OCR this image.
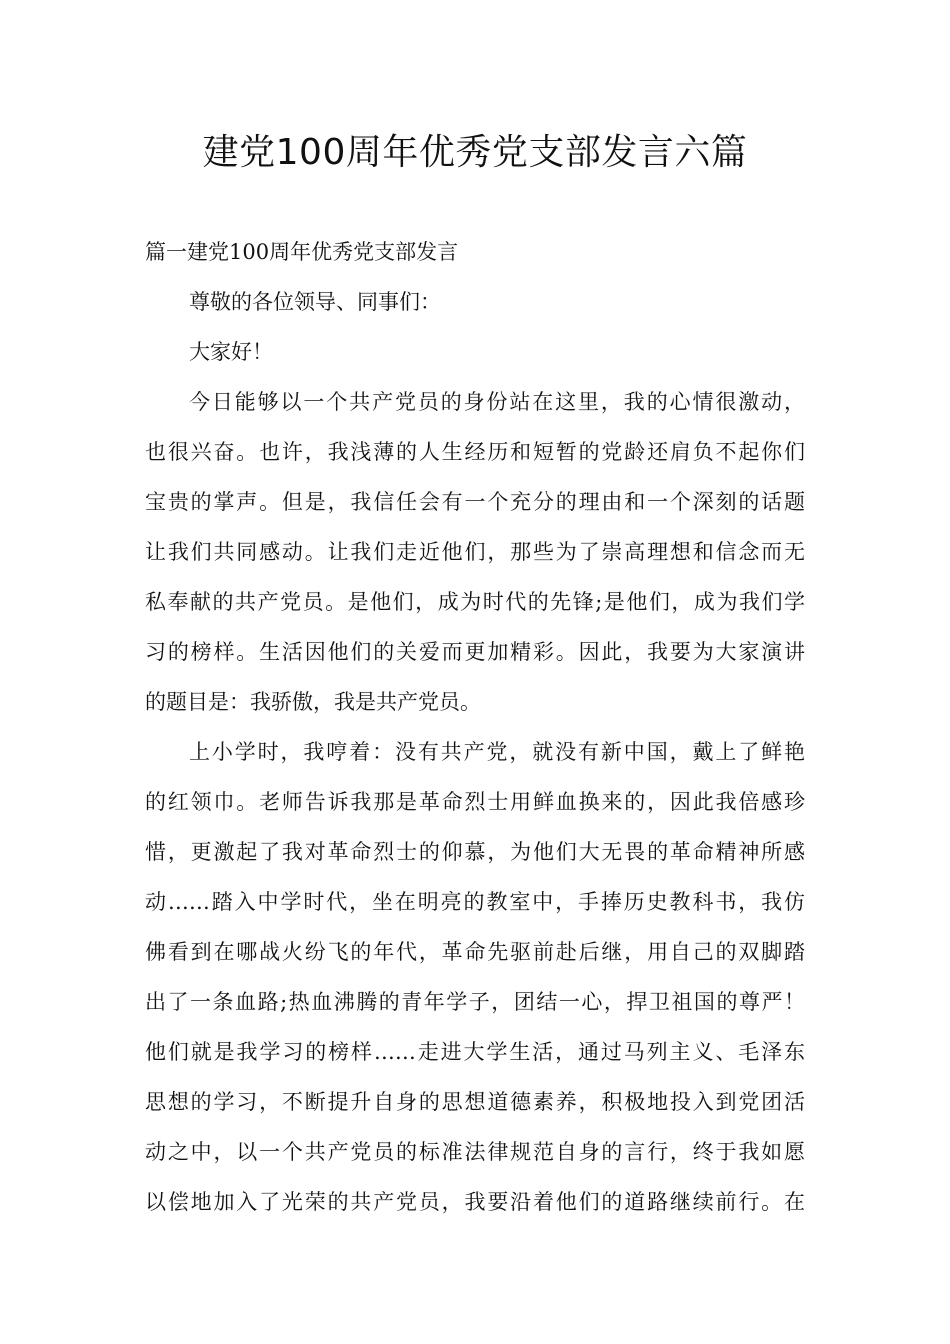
建党100周年优秀党支部发言六篇

篇一建党100周年优秀党支部发言

尊敬的各位领导、同事们：

大家好！

今日能够以一个共产党员的身份站在这里，我的心情很激动，

也很兴奋。也许，我浅薄的人生经历和短暂的党龄还肩负不起你们

宝贵的掌声。但是，我信任会有一个充分的理由和一个深刻的话题

让我们共同感动。让我们走近他们，那些为了崇高理想和信念而无

私奉献的共产党员。是他们，成为时代的先锋;是他们，成为我们学

习的榜样。生活因他们的关爱而更加精彩。因此，我要为大家演讲

的题目是：我骄傲，我是共产党员。

上小学时，我哼着：没有共产党，就没有新中国，戴上了鲜艳

的红领巾。老师告诉我那是革命烈士用鲜血换来的，因此我倍感珍

惜，更激起了我对革命烈士的仰慕，为他们大无畏的革命精神所感

动……踏入中学时代，坐在明亮的教室中，手捧历史教科书，我仿

佛看到在哪战火纷飞的年代，革命先驱前赴后继，用自己的双脚踏

出了一条血路;热血沸腾的青年学子，团结一心，捍卫祖国的尊严！

他们就是我学习的榜样……走进大学生活，通过马列主义、毛泽东

思想的学习，不断提升自身的思想道德素养，积极地投入到党团活

动之中，以一个共产党员的标准法律规范自身的言行，终于我如愿

以偿地加入了光荣的共产党员，我要沿着他们的道路继续前行。在
